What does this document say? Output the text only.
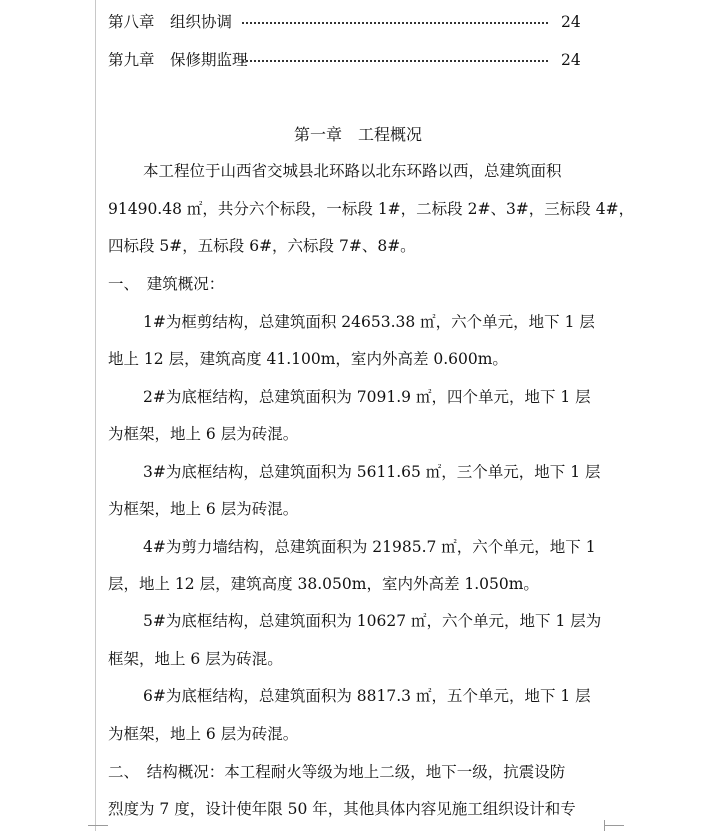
第八章　组织协调	24
第九章　保修期监理	24
第一章　工程概况
本工程位于山西省交城县北环路以北东环路以西，总建筑面积
91490.48 ㎡，共分六个标段，一标段 1#，二标段 2#、3#，三标段 4#，
四标段 5#，五标段 6#，六标段 7#、8#。
一、　建筑概况：
1#为框剪结构，总建筑面积 24653.38 ㎡，六个单元，地下 1 层
地上 12 层，建筑高度 41.100m，室内外高差 0.600m。
2#为底框结构，总建筑面积为 7091.9 ㎡，四个单元，地下 1 层
为框架，地上 6 层为砖混。
3#为底框结构，总建筑面积为 5611.65 ㎡，三个单元，地下 1 层
为框架，地上 6 层为砖混。
4#为剪力墙结构，总建筑面积为 21985.7 ㎡，六个单元，地下 1
层，地上 12 层，建筑高度 38.050m，室内外高差 1.050m。
5#为底框结构，总建筑面积为 10627 ㎡，六个单元，地下 1 层为
框架，地上 6 层为砖混。
6#为底框结构，总建筑面积为 8817.3 ㎡，五个单元，地下 1 层
为框架，地上 6 层为砖混。
二、　结构概况：本工程耐火等级为地上二级，地下一级，抗震设防
烈度为 7 度，设计使年限 50 年，其他具体内容见施工组织设计和专
